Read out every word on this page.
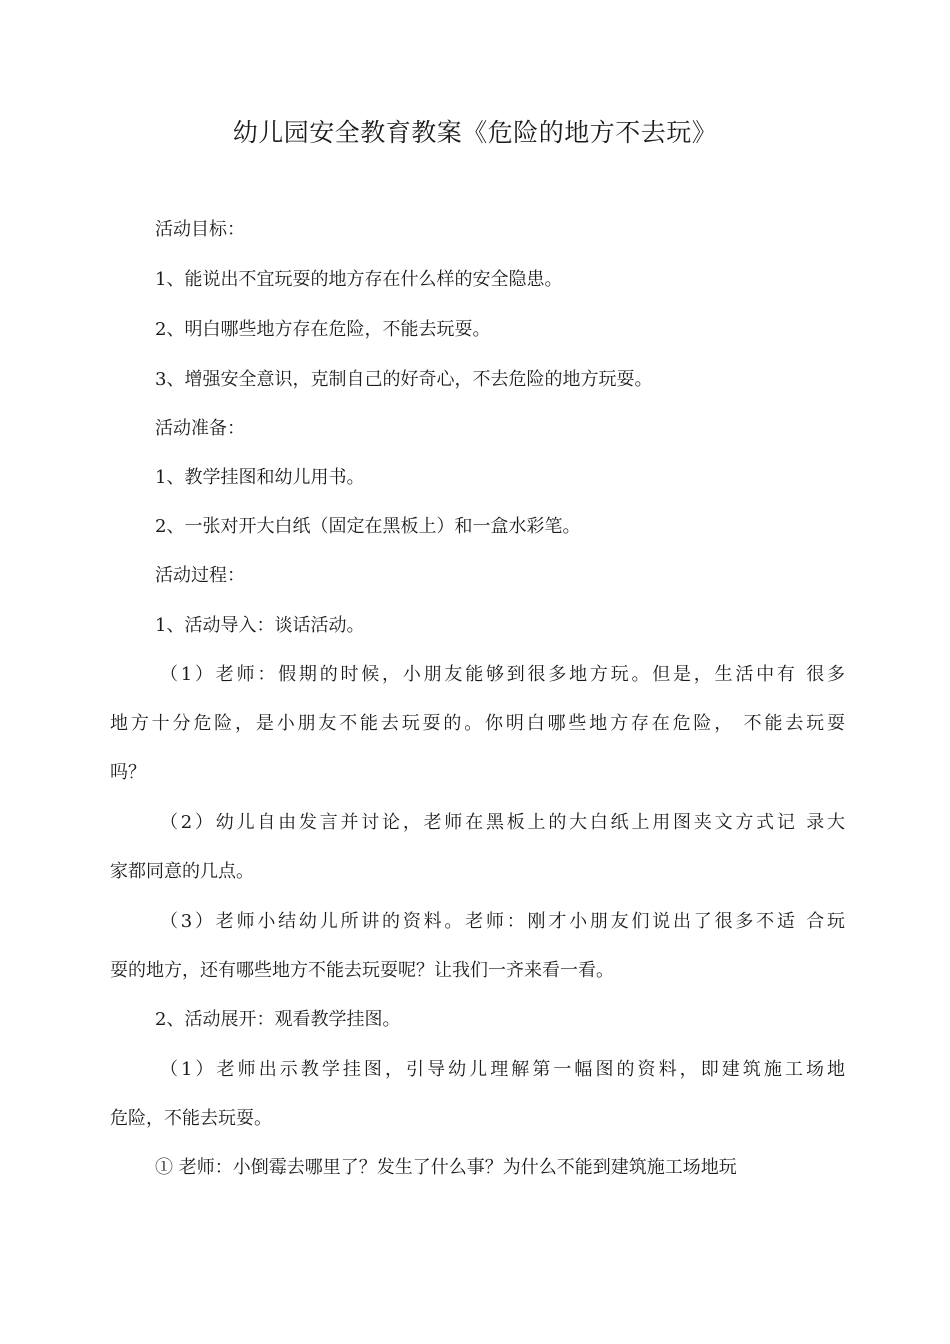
幼儿园安全教育教案《危险的地方不去玩》
活动目标：
1、能说出不宜玩耍的地方存在什么样的安全隐患。
2、明白哪些地方存在危险，不能去玩耍。
3、增强安全意识，克制自己的好奇心，不去危险的地方玩耍。
活动准备：
1、教学挂图和幼儿用书。
2、一张对开大白纸（固定在黑板上）和一盒水彩笔。
活动过程：
1、活动导入：谈话活动。
（1）老师：假期的时候，小朋友能够到很多地方玩。但是，生活中有 很多
地方十分危险，是小朋友不能去玩耍的。你明白哪些地方存在危险， 不能去玩耍
吗？
（2）幼儿自由发言并讨论，老师在黑板上的大白纸上用图夹文方式记 录大
家都同意的几点。
（3）老师小结幼儿所讲的资料。老师：刚才小朋友们说出了很多不适 合玩
耍的地方，还有哪些地方不能去玩耍呢？让我们一齐来看一看。
2、活动展开：观看教学挂图。
（1）老师出示教学挂图，引导幼儿理解第一幅图的资料，即建筑施工场地
危险，不能去玩耍。
① 老师：小倒霉去哪里了？发生了什么事？为什么不能到建筑施工场地玩
